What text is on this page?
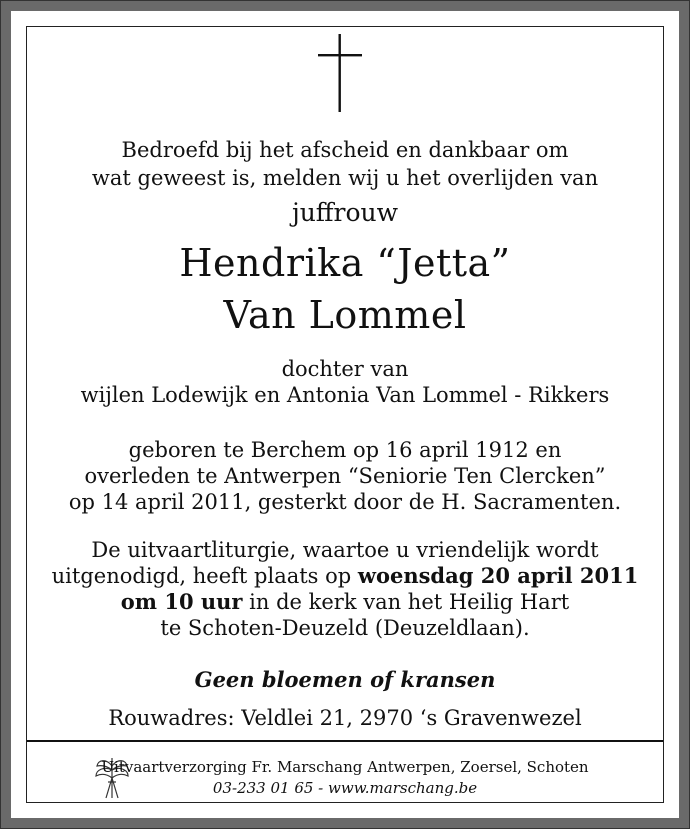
Bedroefd bij het afscheid en dankbaar om
wat geweest is, melden wij u het overlijden van
juffrouw
Hendrika “Jetta”
Van Lommel
dochter van
wijlen Lodewijk en Antonia Van Lommel - Rikkers
geboren te Berchem op 16 april 1912 en
overleden te Antwerpen “Seniorie Ten Clercken”
op 14 april 2011, gesterkt door de H. Sacramenten.
De uitvaartliturgie, waartoe u vriendelijk wordt
uitgenodigd, heeft plaats op woensdag 20 april 2011
om 10 uur in de kerk van het Heilig Hart
te Schoten-Deuzeld (Deuzeldlaan).
Geen bloemen of kransen
Rouwadres: Veldlei 21, 2970 ‘s Gravenwezel
Uitvaartverzorging Fr. Marschang Antwerpen, Zoersel, Schoten
03-233 01 65 - www.marschang.be
